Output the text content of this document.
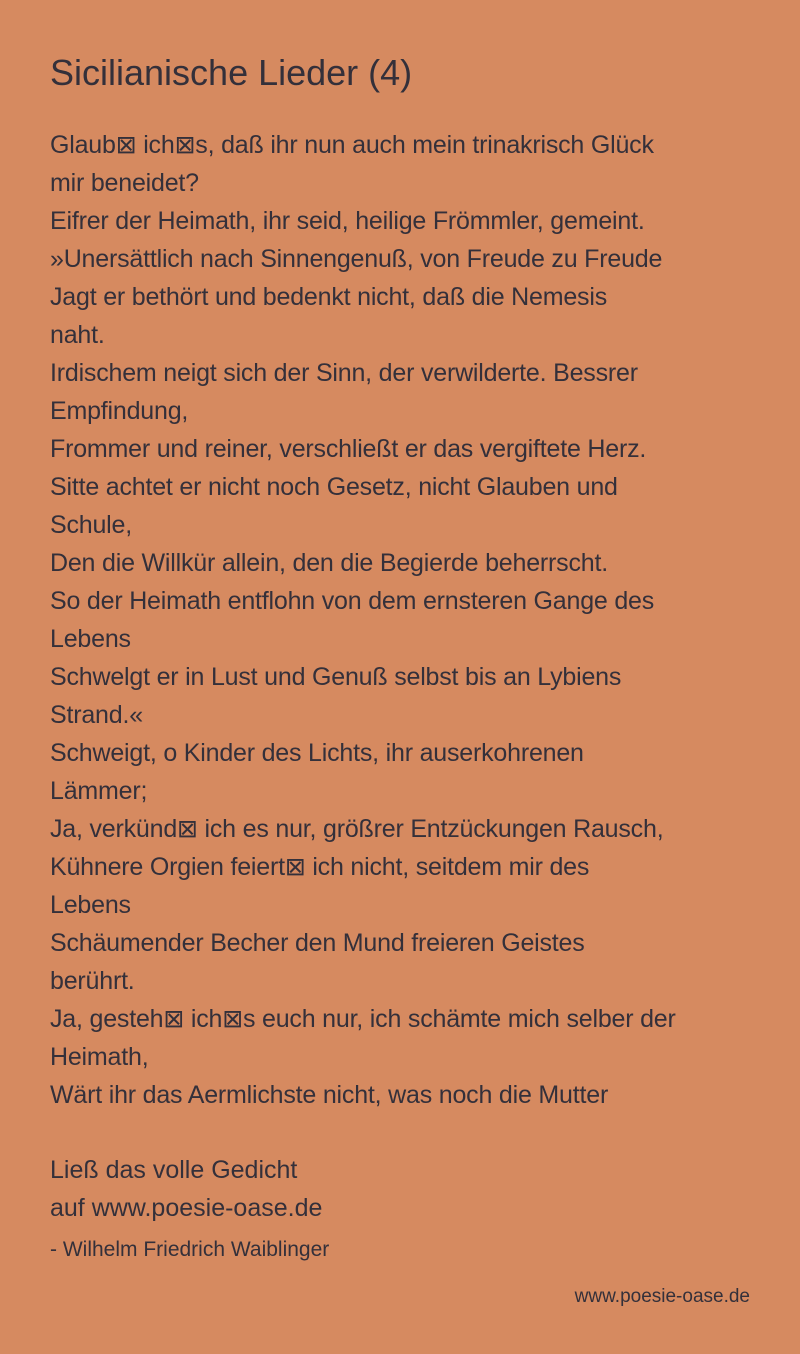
Sicilianische Lieder (4)
Glaub⊠ ich⊠s, daß ihr nun auch mein trinakrisch Glück
mir beneidet?
Eifrer der Heimath, ihr seid, heilige Frömmler, gemeint.
»Unersättlich nach Sinnengenuß, von Freude zu Freude
Jagt er bethört und bedenkt nicht, daß die Nemesis
naht.
Irdischem neigt sich der Sinn, der verwilderte. Bessrer
Empfindung,
Frommer und reiner, verschließt er das vergiftete Herz.
Sitte achtet er nicht noch Gesetz, nicht Glauben und
Schule,
Den die Willkür allein, den die Begierde beherrscht.
So der Heimath entflohn von dem ernsteren Gange des
Lebens
Schwelgt er in Lust und Genuß selbst bis an Lybiens
Strand.«
Schweigt, o Kinder des Lichts, ihr auserkohrenen
Lämmer;
Ja, verkünd⊠ ich es nur, größrer Entzückungen Rausch,
Kühnere Orgien feiert⊠ ich nicht, seitdem mir des
Lebens
Schäumender Becher den Mund freieren Geistes
berührt.
Ja, gesteh⊠ ich⊠s euch nur, ich schämte mich selber der
Heimath,
Wärt ihr das Aermlichste nicht, was noch die Mutter
Ließ das volle Gedicht
auf www.poesie-oase.de
- Wilhelm Friedrich Waiblinger
www.poesie-oase.de
